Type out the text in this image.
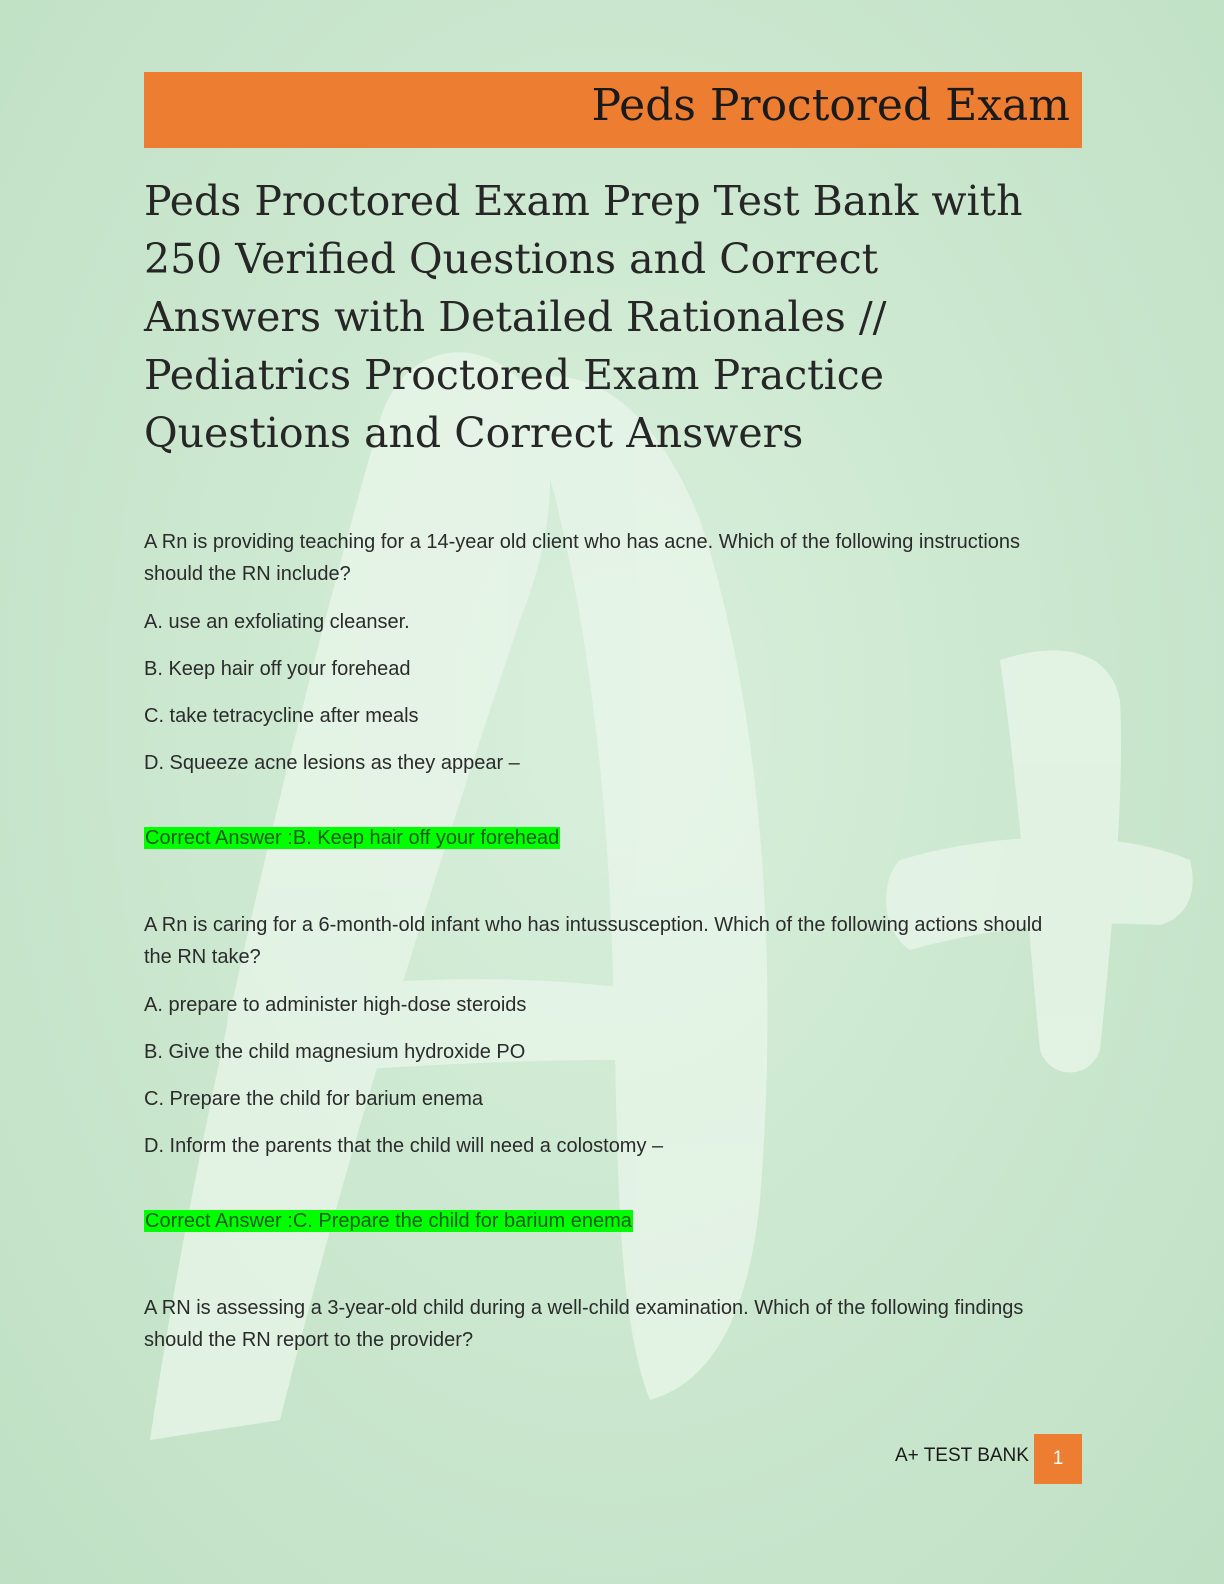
Peds Proctored Exam
Peds Proctored Exam Prep Test Bank with 250 Verified Questions and Correct Answers with Detailed Rationales // Pediatrics Proctored Exam Practice Questions and Correct Answers

A Rn is providing teaching for a 14-year old client who has acne. Which of the following instructions should the RN include?

A. use an exfoliating cleanser.

B. Keep hair off your forehead

C. take tetracycline after meals

D. Squeeze acne lesions as they appear –

Correct Answer :B. Keep hair off your forehead

A Rn is caring for a 6-month-old infant who has intussusception. Which of the following actions should the RN take?

A. prepare to administer high-dose steroids

B. Give the child magnesium hydroxide PO

C. Prepare the child for barium enema

D. Inform the parents that the child will need a colostomy –

Correct Answer :C. Prepare the child for barium enema

A RN is assessing a 3-year-old child during a well-child examination. Which of the following findings should the RN report to the provider?

A+ TEST BANK 1
